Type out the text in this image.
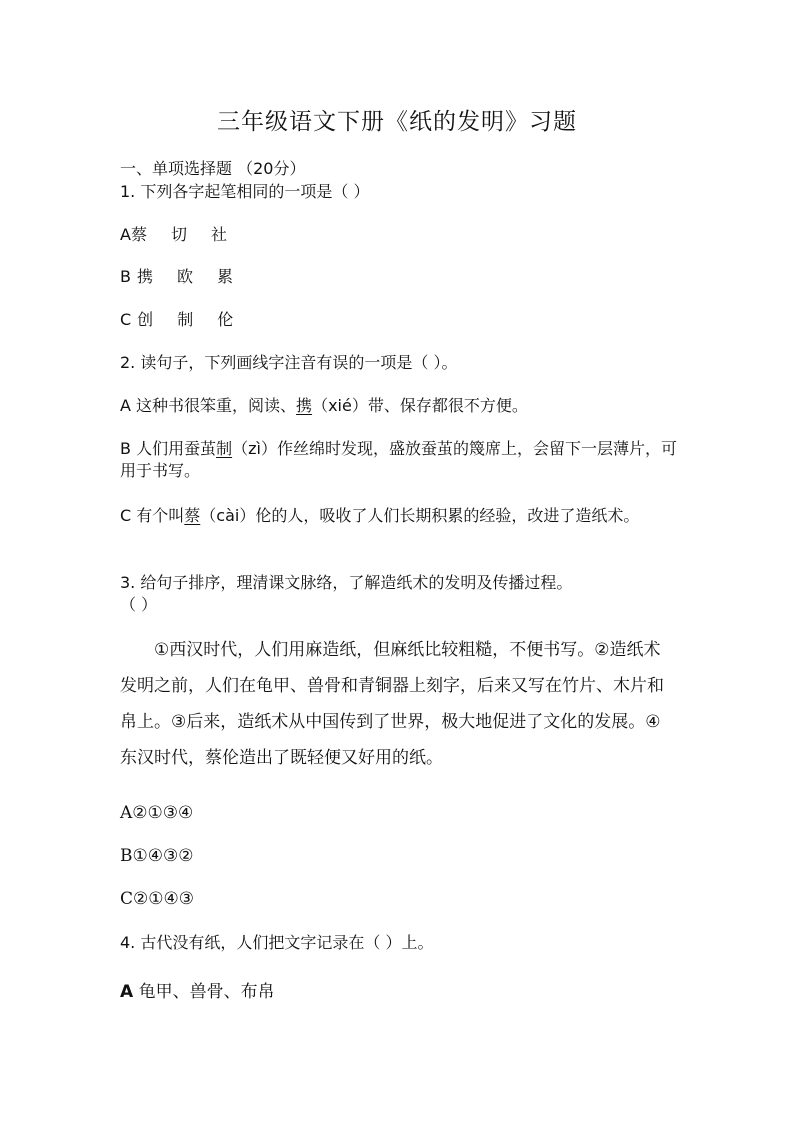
三年级语文下册《纸的发明》习题
一、单项选择题 （20分）
1. 下列各字起笔相同的一项是（ ）
A蔡 切 社
B 携 欧 累
C 创 制 伦
2. 读句子，下列画线字注音有误的一项是（ ）。
A 这种书很笨重，阅读、携（xié）带、保存都很不方便。
B 人们用蚕茧制（zì）作丝绵时发现，盛放蚕茧的篾席上，会留下一层薄片，可用于书写。
C 有个叫蔡（cài）伦的人，吸收了人们长期积累的经验，改进了造纸术。
3. 给句子排序，理清课文脉络，了解造纸术的发明及传播过程。
（ ）
①西汉时代，人们用麻造纸，但麻纸比较粗糙，不便书写。②造纸术发明之前，人们在龟甲、兽骨和青铜器上刻字，后来又写在竹片、木片和帛上。③后来，造纸术从中国传到了世界，极大地促进了文化的发展。④东汉时代，蔡伦造出了既轻便又好用的纸。
A②①③④
B①④③②
C②①④③
4. 古代没有纸，人们把文字记录在（ ）上。
A 龟甲、兽骨、布帛
